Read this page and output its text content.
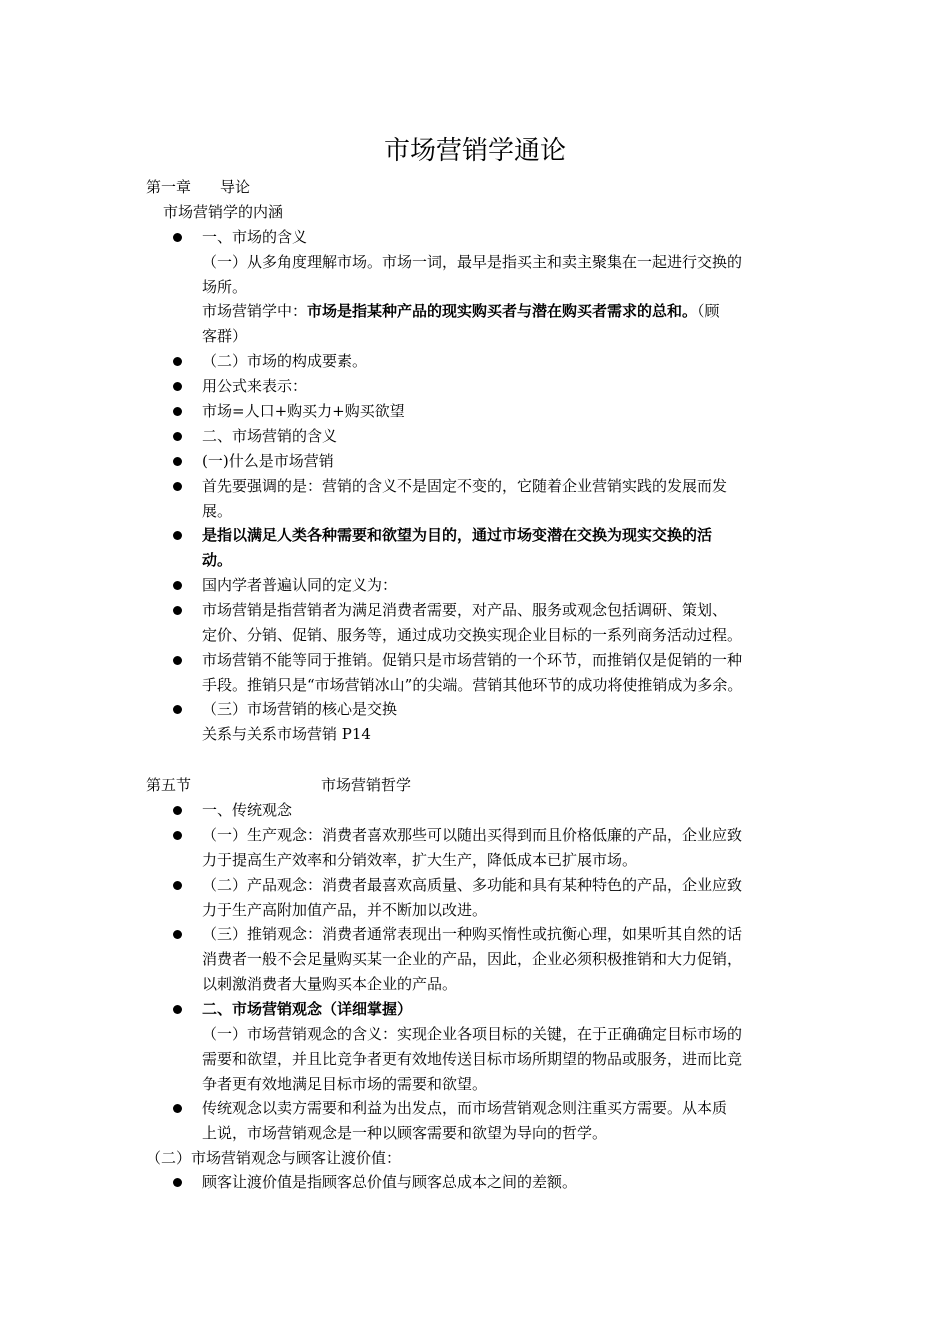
市场营销学通论
第一章 导论
市场营销学的内涵
一、市场的含义
（一）从多角度理解市场。市场一词，最早是指买主和卖主聚集在一起进行交换的
场所。
市场营销学中：市场是指某种产品的现实购买者与潜在购买者需求的总和。（顾
客群）
（二）市场的构成要素。
用公式来表示：
市场=人口+购买力+购买欲望
二、市场营销的含义
(一)什么是市场营销
首先要强调的是：营销的含义不是固定不变的，它随着企业营销实践的发展而发
展。
是指以满足人类各种需要和欲望为目的，通过市场变潜在交换为现实交换的活
动。
国内学者普遍认同的定义为：
市场营销是指营销者为满足消费者需要，对产品、服务或观念包括调研、策划、
定价、分销、促销、服务等，通过成功交换实现企业目标的一系列商务活动过程。
市场营销不能等同于推销。促销只是市场营销的一个环节，而推销仅是促销的一种
手段。推销只是“市场营销冰山”的尖端。营销其他环节的成功将使推销成为多余。
（三）市场营销的核心是交换
关系与关系市场营销 P14
第五节	市场营销哲学
一、传统观念
（一）生产观念：消费者喜欢那些可以随出买得到而且价格低廉的产品，企业应致
力于提高生产效率和分销效率，扩大生产，降低成本已扩展市场。
（二）产品观念：消费者最喜欢高质量、多功能和具有某种特色的产品，企业应致
力于生产高附加值产品，并不断加以改进。
（三）推销观念：消费者通常表现出一种购买惰性或抗衡心理，如果听其自然的话
消费者一般不会足量购买某一企业的产品，因此，企业必须积极推销和大力促销，
以刺激消费者大量购买本企业的产品。
二、市场营销观念（详细掌握）
（一）市场营销观念的含义：实现企业各项目标的关键，在于正确确定目标市场的
需要和欲望，并且比竞争者更有效地传送目标市场所期望的物品或服务，进而比竞
争者更有效地满足目标市场的需要和欲望。
传统观念以卖方需要和利益为出发点，而市场营销观念则注重买方需要。从本质
上说，市场营销观念是一种以顾客需要和欲望为导向的哲学。
（二）市场营销观念与顾客让渡价值：
顾客让渡价值是指顾客总价值与顾客总成本之间的差额。
